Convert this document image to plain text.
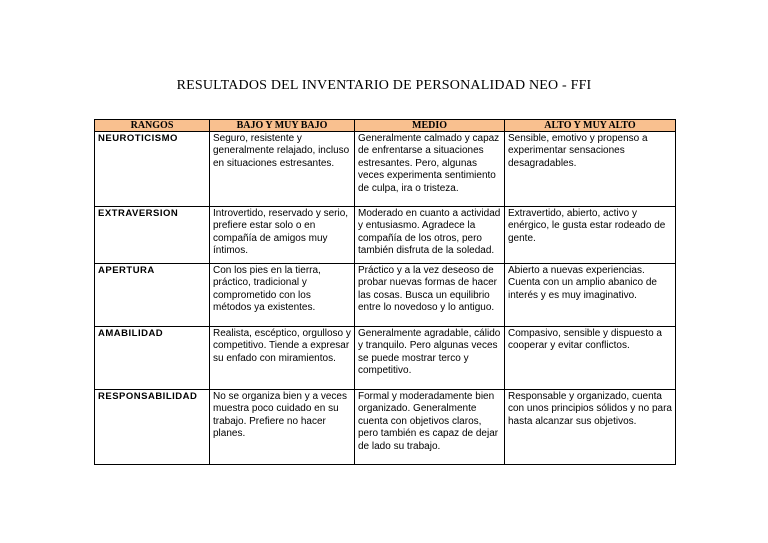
RESULTADOS DEL INVENTARIO DE PERSONALIDAD NEO - FFI
RANGOS	BAJO Y MUY BAJO	MEDIO	ALTO Y MUY ALTO
NEUROTICISMO	Seguro, resistente y generalmente relajado, incluso en situaciones estresantes.	Generalmente calmado y capaz de enfrentarse a situaciones estresantes. Pero, algunas veces experimenta sentimiento de culpa, ira o tristeza.	Sensible, emotivo y propenso a experimentar sensaciones desagradables.
EXTRAVERSION	Introvertido, reservado y serio, prefiere estar solo o en compañía de amigos muy íntimos.	Moderado en cuanto a actividad y entusiasmo. Agradece la compañía de los otros, pero también disfruta de la soledad.	Extravertido, abierto, activo y enérgico, le gusta estar rodeado de gente.
APERTURA	Con los pies en la tierra, práctico, tradicional y comprometido con los métodos ya existentes.	Práctico y a la vez deseoso de probar nuevas formas de hacer las cosas. Busca un equilibrio entre lo novedoso y lo antiguo.	Abierto a nuevas experiencias. Cuenta con un amplio abanico de interés y es muy imaginativo.
AMABILIDAD	Realista, escéptico, orgulloso y competitivo. Tiende a expresar su enfado con miramientos.	Generalmente agradable, cálido y tranquilo. Pero algunas veces se puede mostrar terco y competitivo.	Compasivo, sensible y dispuesto a cooperar y evitar conflictos.
RESPONSABILIDAD	No se organiza bien y a veces muestra poco cuidado en su trabajo. Prefiere no hacer planes.	Formal y moderadamente bien organizado. Generalmente cuenta con objetivos claros, pero también es capaz de dejar de lado su trabajo.	Responsable y organizado, cuenta con unos principios sólidos y no para hasta alcanzar sus objetivos.
